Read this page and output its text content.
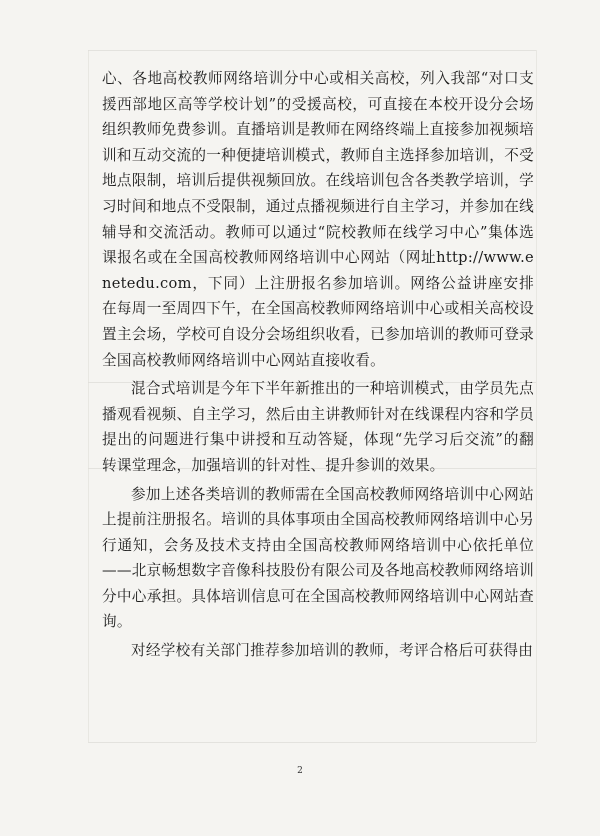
心、各地高校教师网络培训分中心或相关高校，列入我部“对口支援西部地区高等学校计划”的受援高校，可直接在本校开设分会场组织教师免费参训。直播培训是教师在网络终端上直接参加视频培训和互动交流的一种便捷培训模式，教师自主选择参加培训，不受地点限制，培训后提供视频回放。在线培训包含各类教学培训，学习时间和地点不受限制，通过点播视频进行自主学习，并参加在线辅导和交流活动。教师可以通过“院校教师在线学习中心”集体选课报名或在全国高校教师网络培训中心网站（网址http://www.enetedu.com，下同）上注册报名参加培训。网络公益讲座安排在每周一至周四下午，在全国高校教师网络培训中心或相关高校设置主会场，学校可自设分会场组织收看，已参加培训的教师可登录全国高校教师网络培训中心网站直接收看。

混合式培训是今年下半年新推出的一种培训模式，由学员先点播观看视频、自主学习，然后由主讲教师针对在线课程内容和学员提出的问题进行集中讲授和互动答疑，体现“先学习后交流”的翻转课堂理念，加强培训的针对性、提升参训的效果。

参加上述各类培训的教师需在全国高校教师网络培训中心网站上提前注册报名。培训的具体事项由全国高校教师网络培训中心另行通知，会务及技术支持由全国高校教师网络培训中心依托单位——北京畅想数字音像科技股份有限公司及各地高校教师网络培训分中心承担。具体培训信息可在全国高校教师网络培训中心网站查询。

对经学校有关部门推荐参加培训的教师，考评合格后可获得由

2
